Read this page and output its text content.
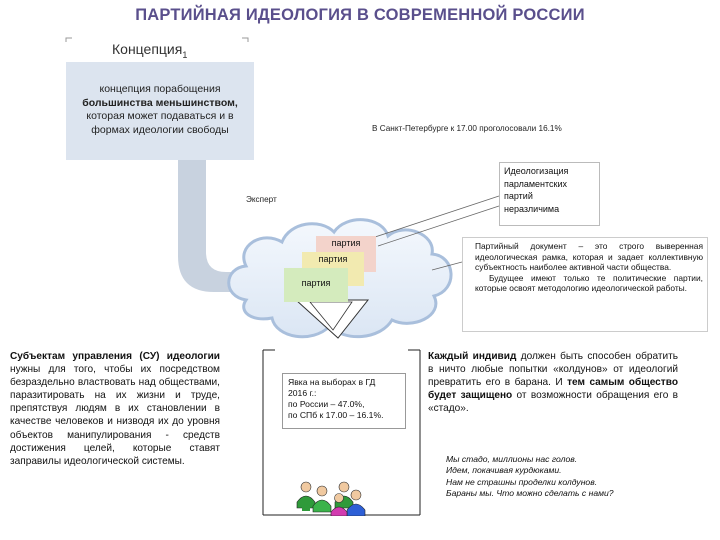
ПАРТИЙНАЯ ИДЕОЛОГИЯ В СОВРЕМЕННОЙ РОССИИ
Концепция$_1$
концепция порабощения
большинства меньшинством,
которая может подаваться и в
формах идеологии свободы	В Санкт-Петербурге к 17.00 проголосовали 16.1%
Эксперт
Идеологизация
парламентских
партий
неразличима
партия
партия
партия

Партийный документ – это строго выверенная идеологическая рамка, которая и задает коллективную субъектность наиболее активной части общества.

Будущее имеют только те политические партии, которые освоят методологию идеологической работы.

Субъектам управления (СУ) идеологии нужны для того, чтобы их посредством безраздельно властвовать над обществами, паразитировать на их жизни и труде, препятствуя людям в их становлении в качестве человеков и низводя их до уровня объектов манипулирования - средств достижения целей, которые ставят заправилы идеологической системы.
Явка на выборах в ГД
2016 г.:
по России – 47.0%,
по СПб к 17.00 – 16.1%.
Каждый индивид должен быть способен обратить в ничто любые попытки «колдунов» от идеологий превратить его в барана. И тем самым общество будет защищено от возможности обращения его в «стадо».
Мы стадо, миллионы нас голов.
Идем, покачивая курдюками.
Нам не страшны проделки колдунов.
Бараны мы. Что можно сделать с нами?
